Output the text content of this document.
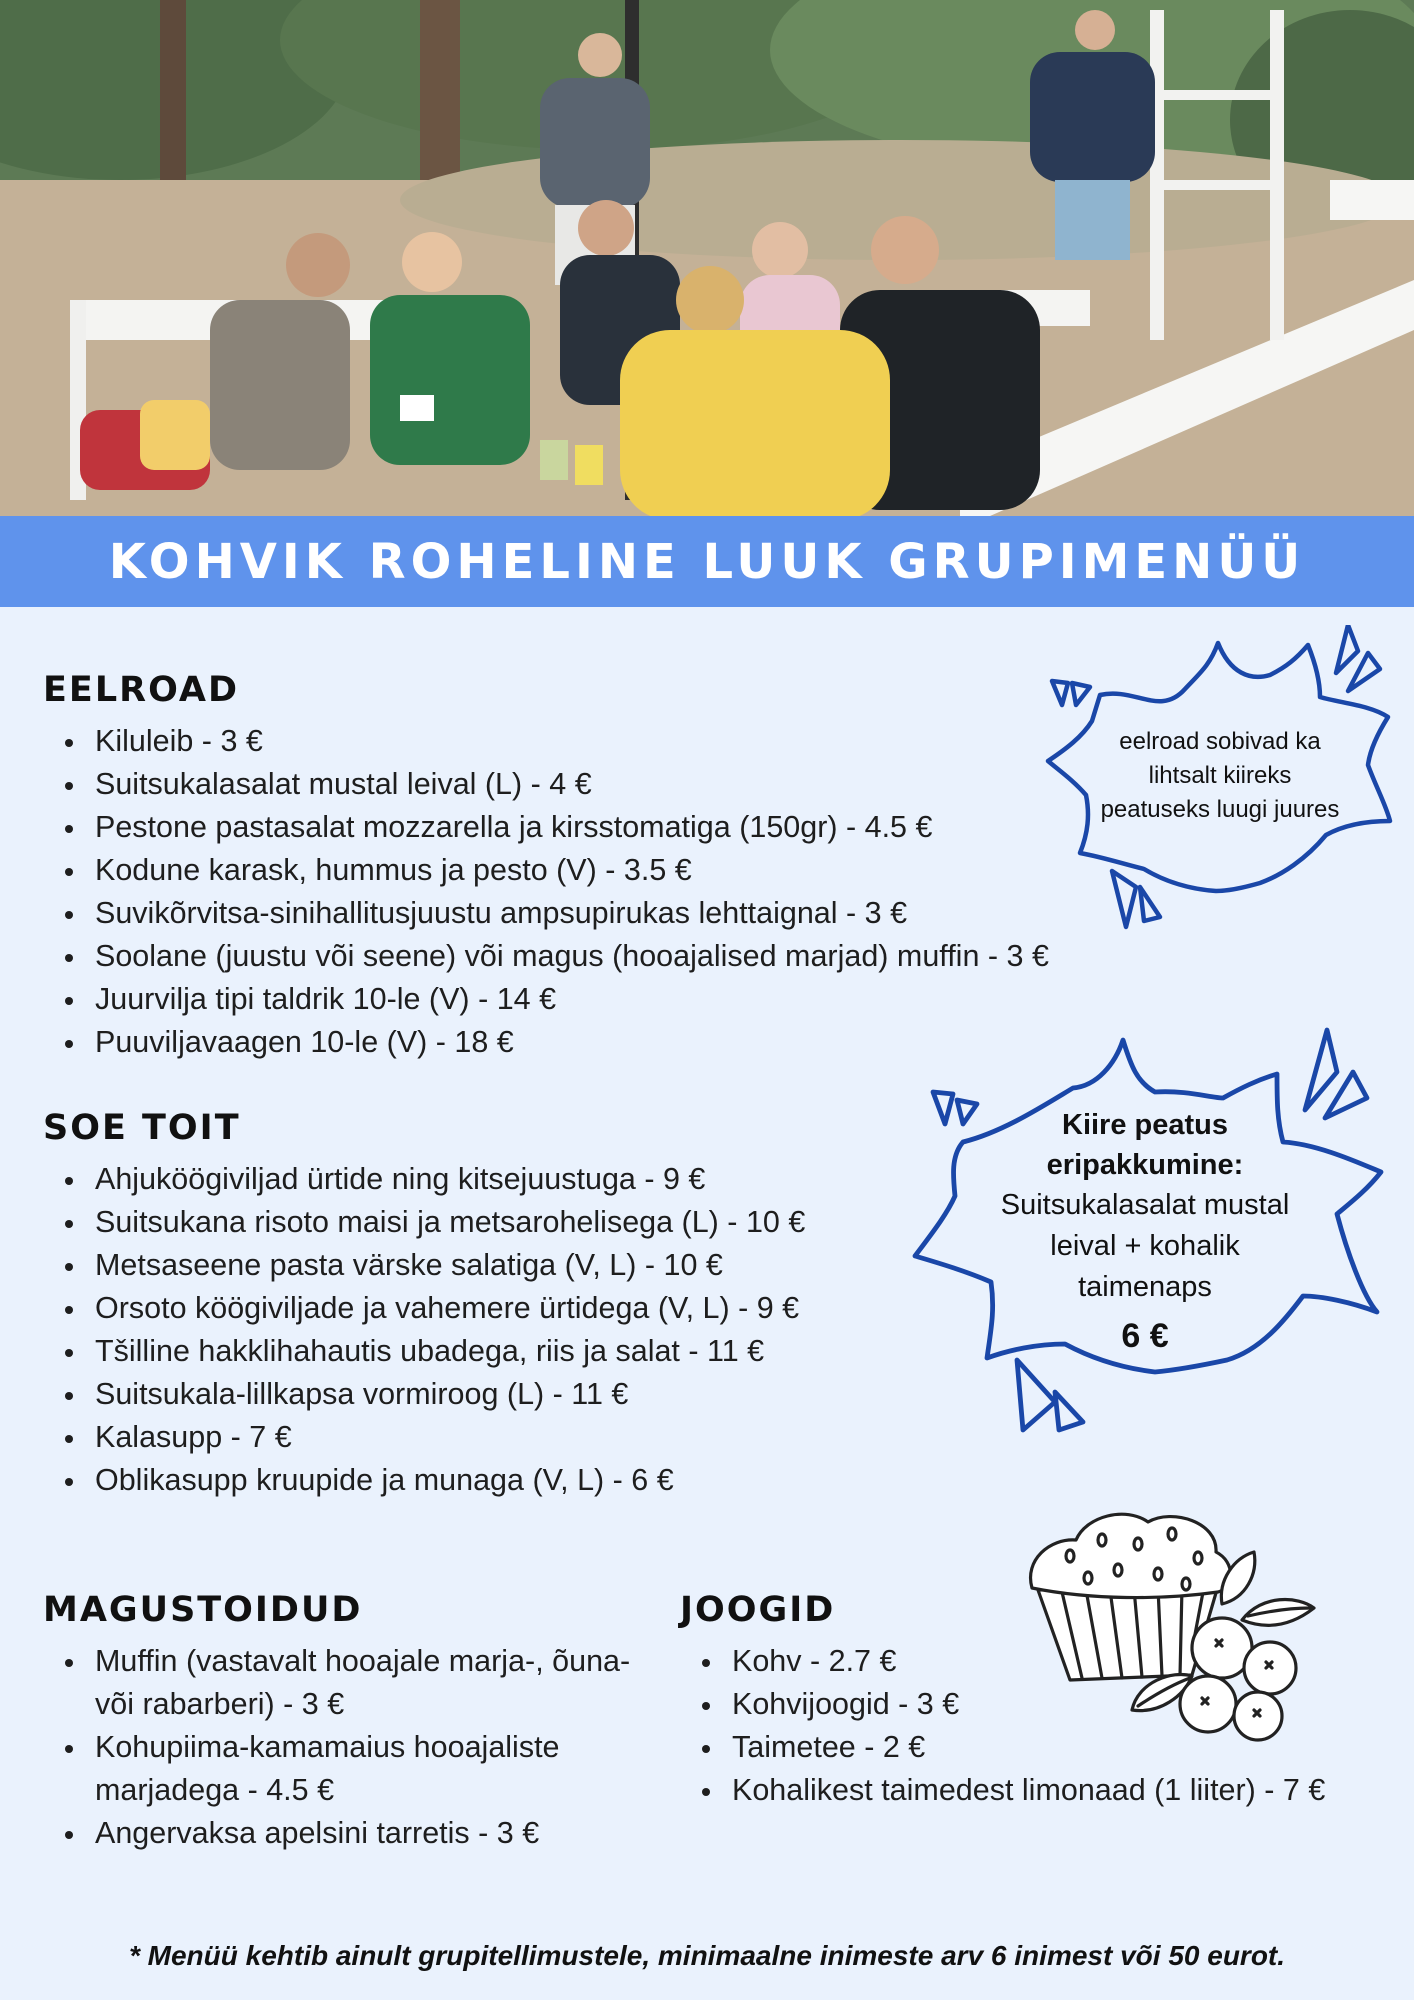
KOHVIK ROHELINE LUUK GRUPIMENÜÜ
EELROAD
Kiluleib - 3 €
Suitsukalasalat mustal leival (L) - 4 €
Pestone pastasalat mozzarella ja kirsstomatiga (150gr) - 4.5 €
Kodune karask, hummus ja pesto (V) - 3.5 €
Suvikõrvitsa-sinihallitusjuustu ampsupirukas lehttaignal - 3 €
Soolane (juustu või seene) või magus (hooajalised marjad) muffin - 3 €
Juurvilja tipi taldrik 10-le (V) - 14 €
Puuviljavaagen 10-le (V) - 18 €
SOE TOIT
Ahjuköögiviljad ürtide ning kitsejuustuga - 9 €
Suitsukana risoto maisi ja metsarohelisega (L) - 10 €
Metsaseene pasta värske salatiga (V, L) - 10 €
Orsoto köögiviljade ja vahemere ürtidega (V, L) - 9 €
Tšilline hakklihahautis ubadega, riis ja salat - 11 €
Suitsukala-lillkapsa vormiroog (L) - 11 €
Kalasupp - 7 €
Oblikasupp kruupide ja munaga (V, L) - 6 €
MAGUSTOIDUD
Muffin (vastavalt hooajale marja-, õuna- või rabarberi) - 3 €
Kohupiima-kamamaius hooajaliste marjadega - 4.5 €
Angervaksa apelsini tarretis - 3 €
JOOGID
Kohv - 2.7 €
Kohvijoogid - 3 €
Taimetee - 2 €
Kohalikest taimedest limonaad (1 liiter) - 7 €
eelroad sobivad ka lihtsalt kiireks peatuseks luugi juures
Kiire peatus
eripakkumine:
Suitsukalasalat mustal
leival + kohalik
taimenaps
6 €
* Menüü kehtib ainult grupitellimustele, minimaalne inimeste arv 6 inimest või 50 eurot.
